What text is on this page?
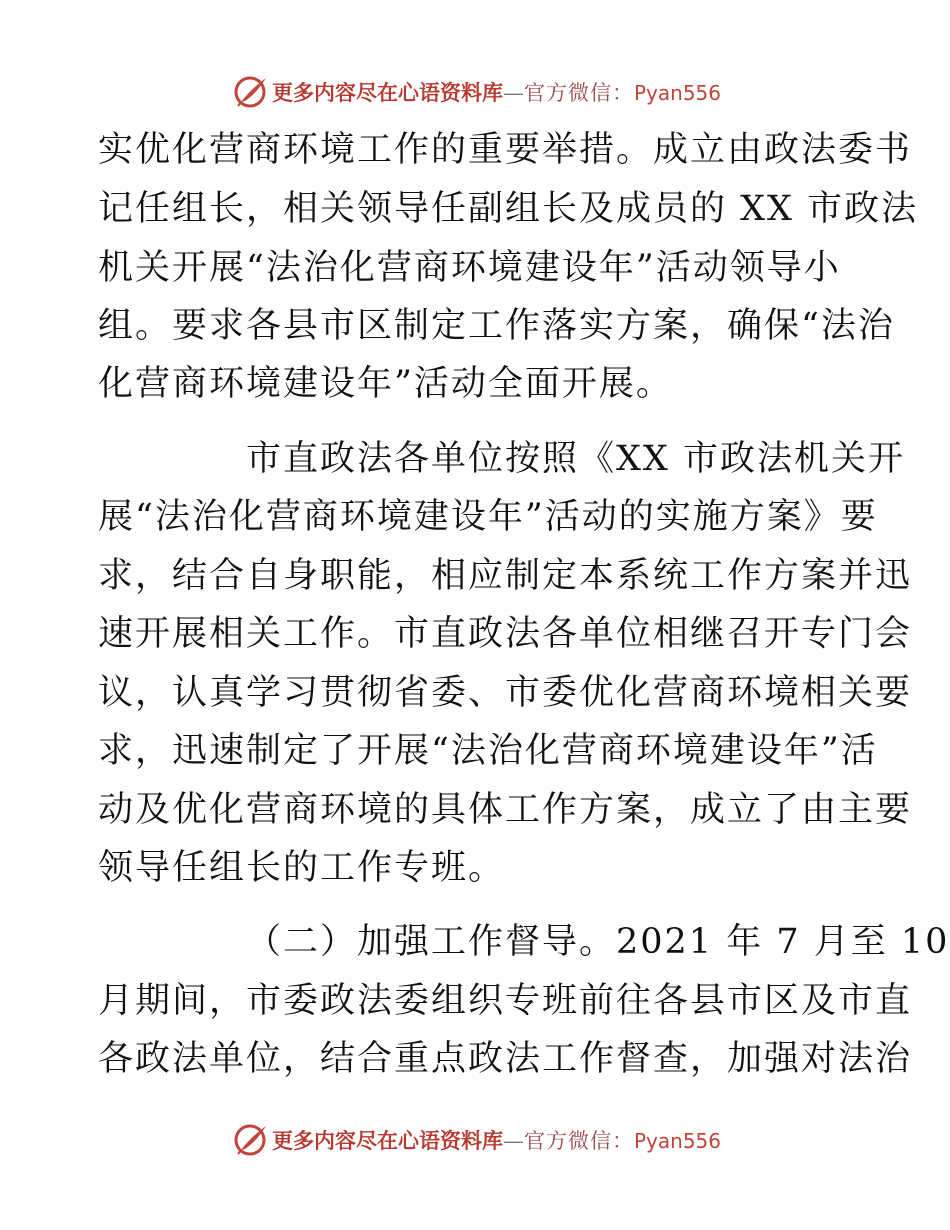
更多内容尽在心语资料库—官方微信：Pyan556
实优化营商环境工作的重要举措。成立由政法委书
记任组长，相关领导任副组长及成员的 XX 市政法
机关开展“法治化营商环境建设年”活动领导小
组。要求各县市区制定工作落实方案，确保“法治
化营商环境建设年”活动全面开展。
市直政法各单位按照《XX 市政法机关开
展“法治化营商环境建设年”活动的实施方案》要
求，结合自身职能，相应制定本系统工作方案并迅
速开展相关工作。市直政法各单位相继召开专门会
议，认真学习贯彻省委、市委优化营商环境相关要
求，迅速制定了开展“法治化营商环境建设年”活
动及优化营商环境的具体工作方案，成立了由主要
领导任组长的工作专班。
（二）加强工作督导。2021 年 7 月至 10
月期间，市委政法委组织专班前往各县市区及市直
各政法单位，结合重点政法工作督查，加强对法治
更多内容尽在心语资料库—官方微信：Pyan556
